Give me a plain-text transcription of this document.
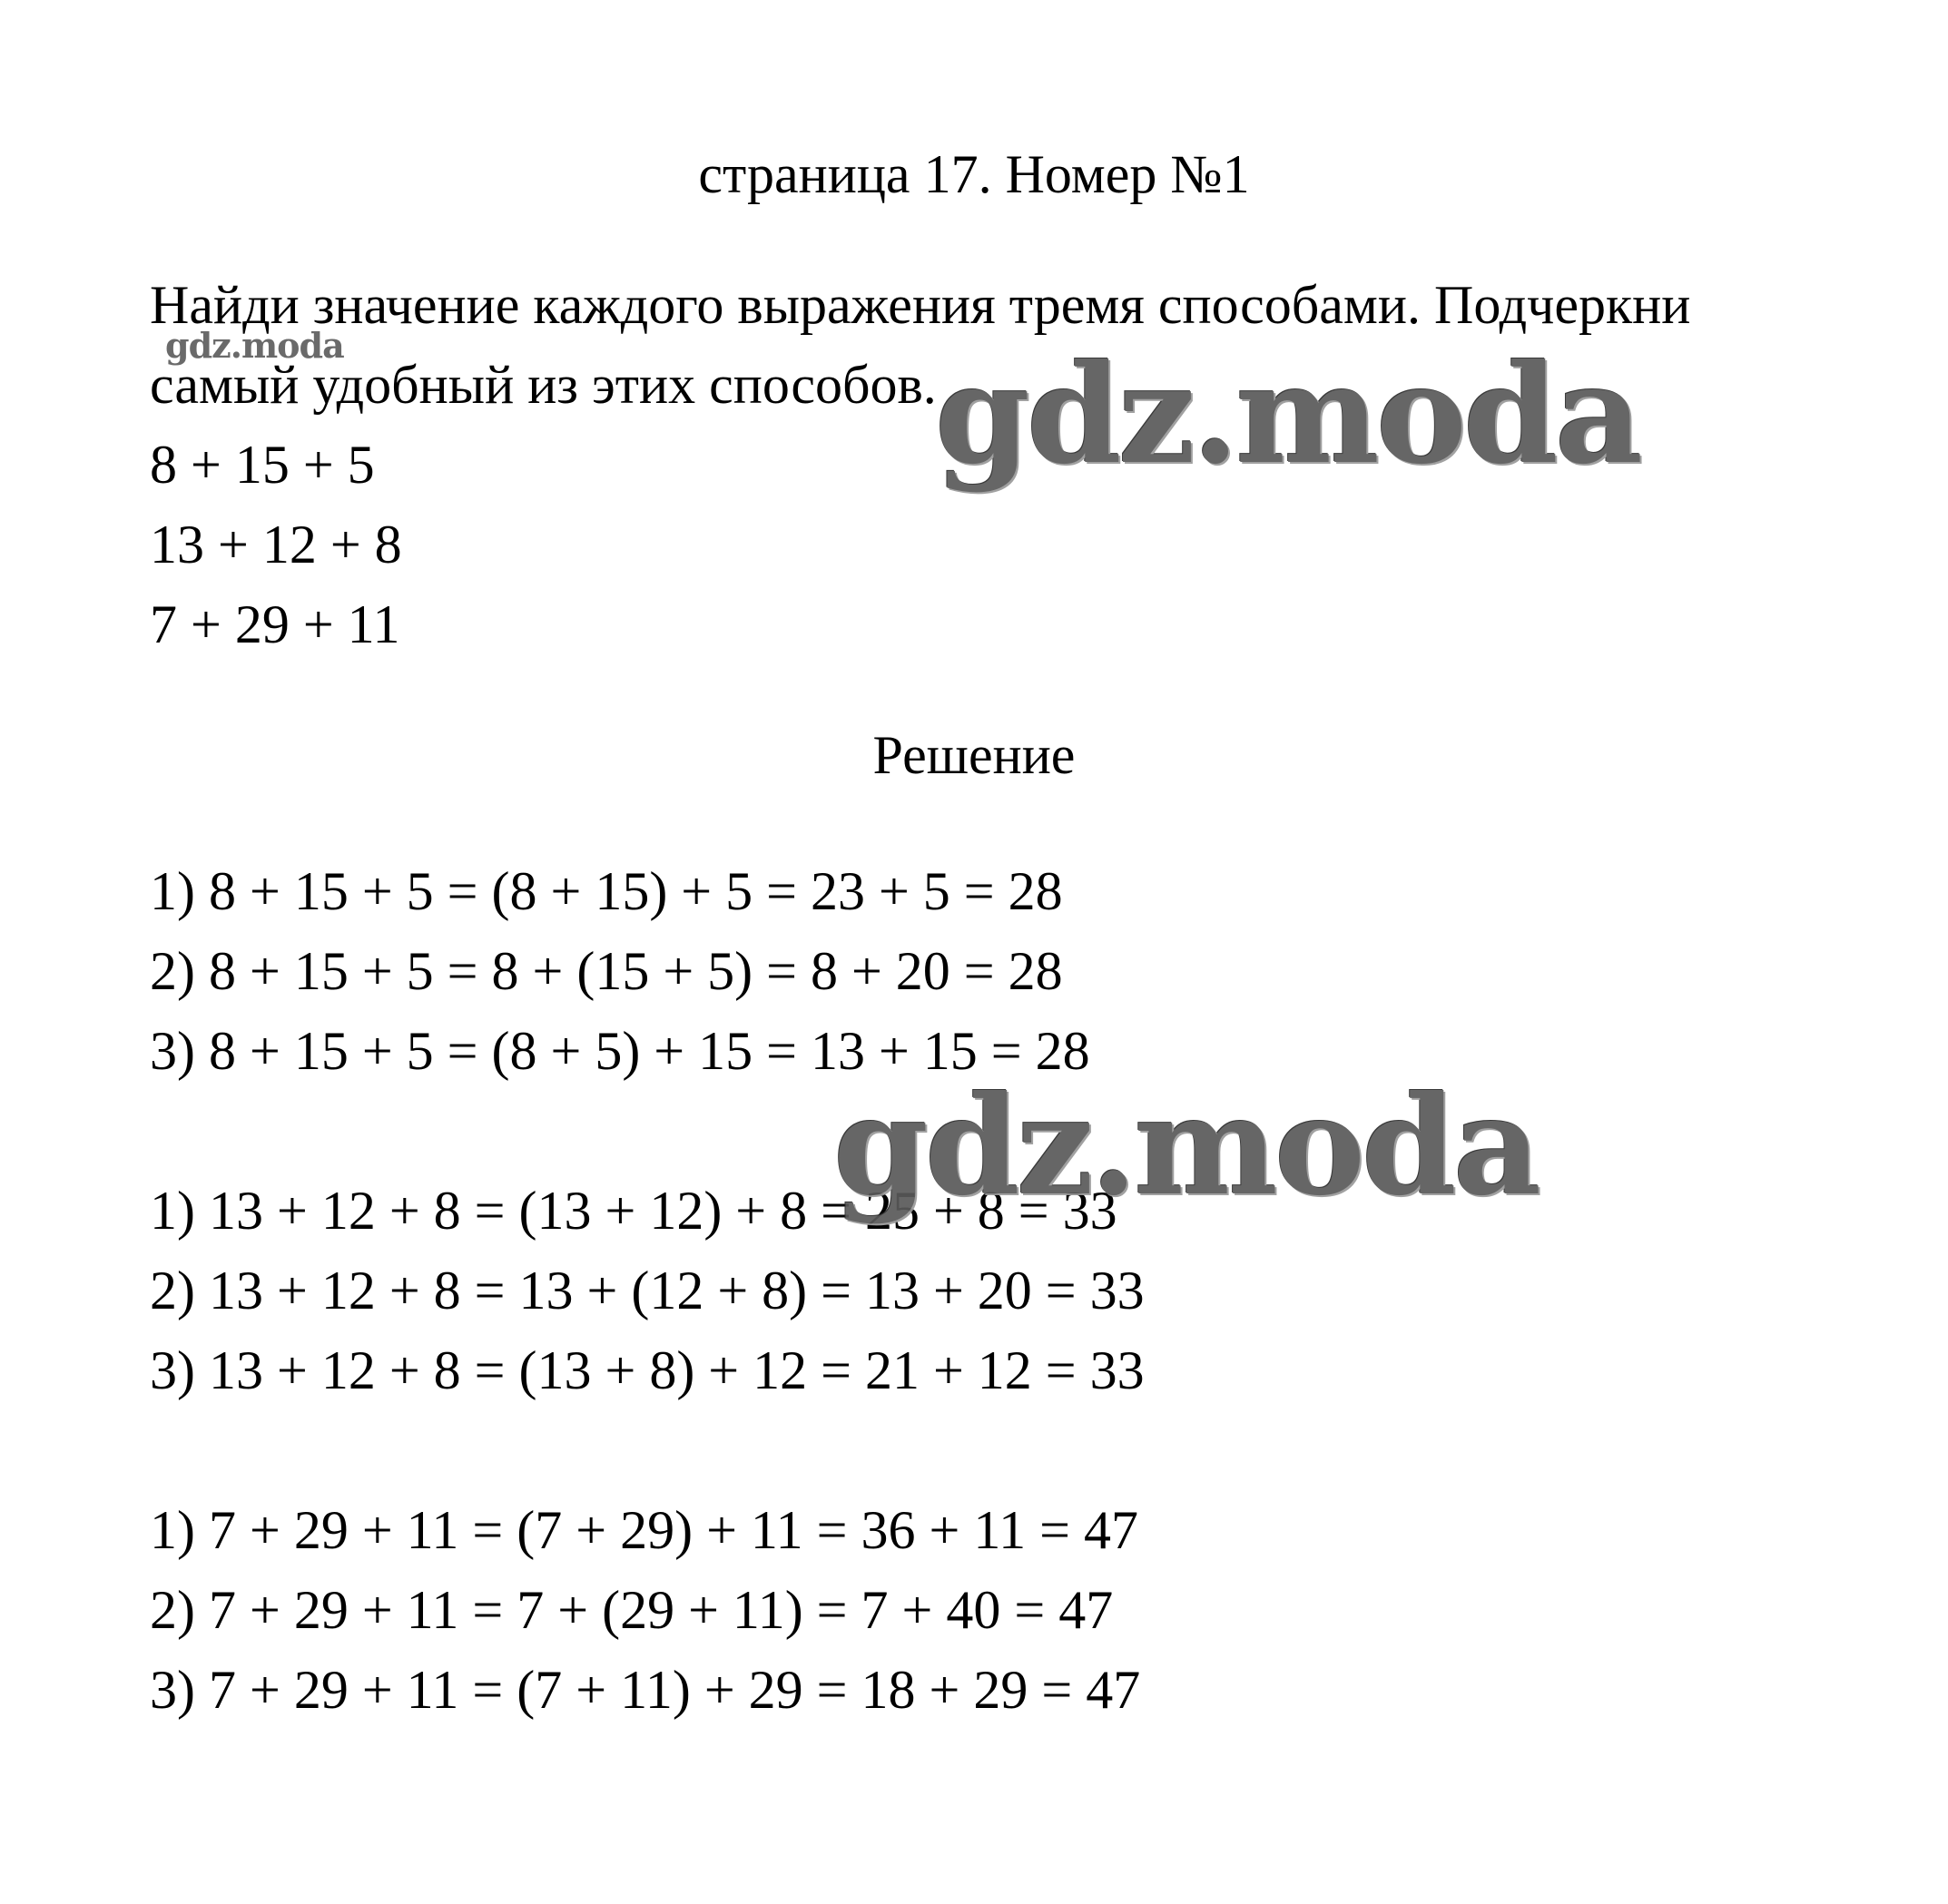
страница 17. Номер №1
Найди значение каждого выражения тремя способами. Подчеркни
самый удобный из этих способов.
8 + 15 + 5
13 + 12 + 8
7 + 29 + 11
Решение
1) 8 + 15 + 5 = (8 + 15) + 5 = 23 + 5 = 28
2) 8 + 15 + 5 = 8 + (15 + 5) = 8 + 20 = 28
3) 8 + 15 + 5 = (8 + 5) + 15 = 13 + 15 = 28
1) 13 + 12 + 8 = (13 + 12) + 8 = 25 + 8 = 33
2) 13 + 12 + 8 = 13 + (12 + 8) = 13 + 20 = 33
3) 13 + 12 + 8 = (13 + 8) + 12 = 21 + 12 = 33
1) 7 + 29 + 11 = (7 + 29) + 11 = 36 + 11 = 47
2) 7 + 29 + 11 = 7 + (29 + 11) = 7 + 40 = 47
3) 7 + 29 + 11 = (7 + 11) + 29 = 18 + 29 = 47
gdz.moda	gdz.moda
gdz.moda
